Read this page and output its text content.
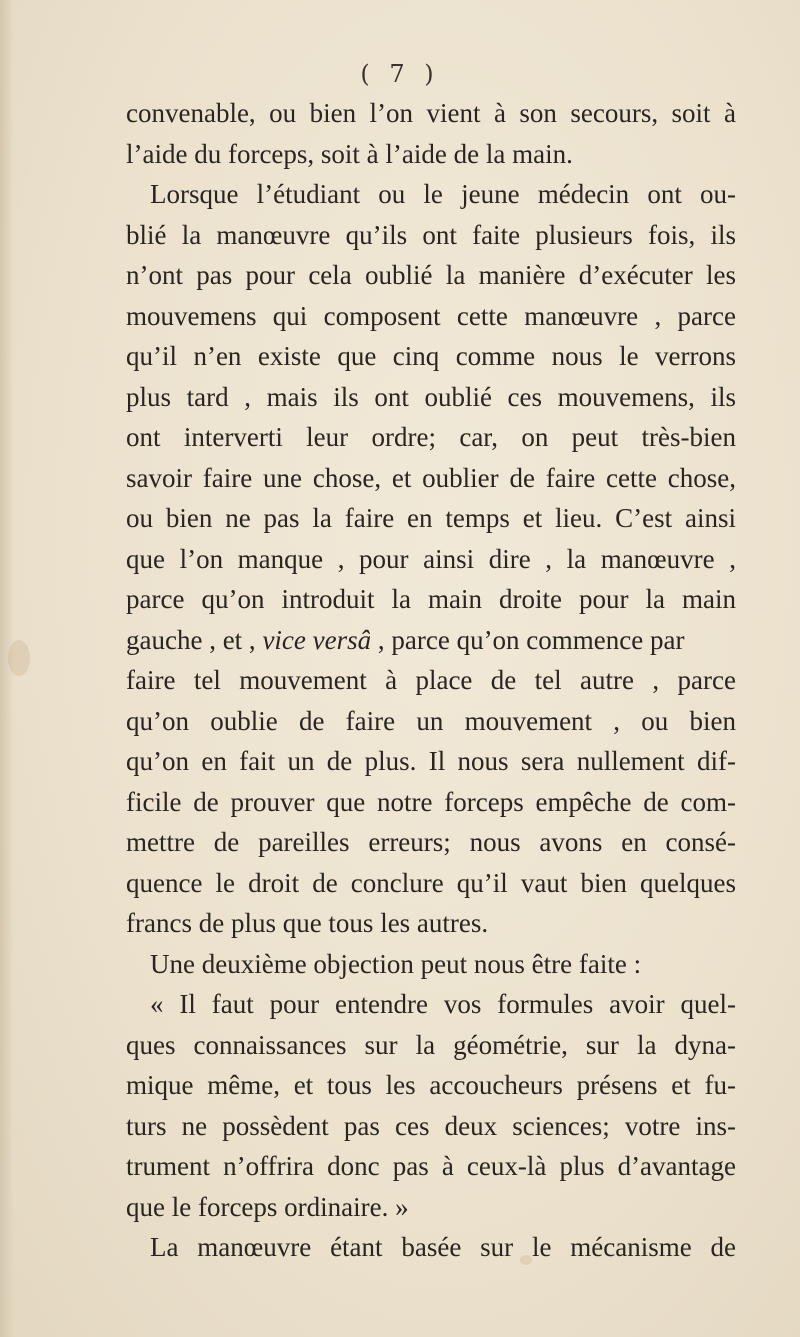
( 7 )
convenable, ou bien l’on vient à son secours, soit à
l’aide du forceps, soit à l’aide de la main.
Lorsque l’étudiant ou le jeune médecin ont ou-
blié la manœuvre qu’ils ont faite plusieurs fois, ils
n’ont pas pour cela oublié la manière d’exécuter les
mouvemens qui composent cette manœuvre , parce
qu’il n’en existe que cinq comme nous le verrons
plus tard , mais ils ont oublié ces mouvemens, ils
ont interverti leur ordre; car, on peut très-bien
savoir faire une chose, et oublier de faire cette chose,
ou bien ne pas la faire en temps et lieu. C’est ainsi
que l’on manque , pour ainsi dire , la manœuvre ,
parce qu’on introduit la main droite pour la main
gauche , et , vice versâ , parce qu’on commence par
faire tel mouvement à place de tel autre , parce
qu’on oublie de faire un mouvement , ou bien
qu’on en fait un de plus. Il nous sera nullement dif-
ficile de prouver que notre forceps empêche de com-
mettre de pareilles erreurs; nous avons en consé-
quence le droit de conclure qu’il vaut bien quelques
francs de plus que tous les autres.
Une deuxième objection peut nous être faite :
« Il faut pour entendre vos formules avoir quel-
ques connaissances sur la géométrie, sur la dyna-
mique même, et tous les accoucheurs présens et fu-
turs ne possèdent pas ces deux sciences; votre ins-
trument n’offrira donc pas à ceux-là plus d’avantage
que le forceps ordinaire. »
La manœuvre étant basée sur le mécanisme de
